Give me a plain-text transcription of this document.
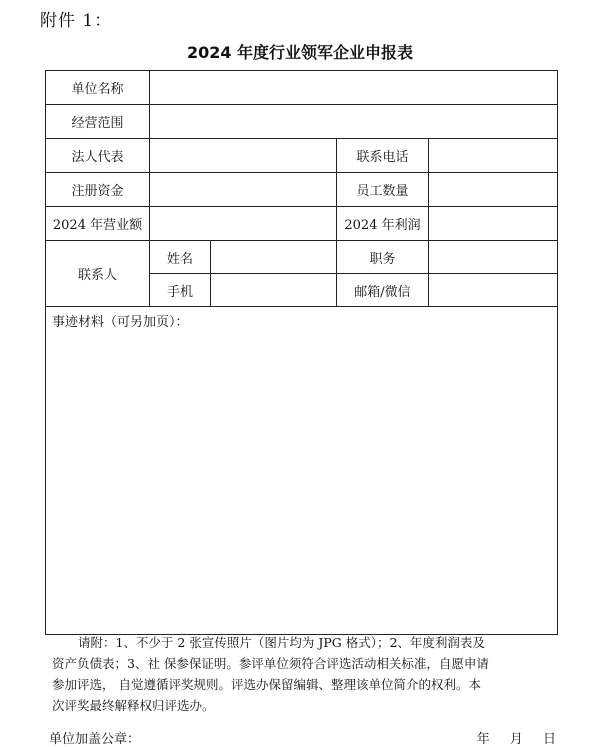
附件 1：
2024 年度行业领军企业申报表
单位名称				
经营范围				
法人代表			联系电话	
注册资金			员工数量	
2024 年营业额			2024 年利润	
联系人	姓名		职务	
	手机		邮箱/微信	
事迹材料（可另加页）：				

请附：1、不少于 2 张宣传照片（图片均为 JPG 格式）；2、年度利润表及

资产负债表；3、社 保参保证明。参评单位须符合评选活动相关标准，自愿申请

参加评选， 自觉遵循评奖规则。评选办保留编辑、整理该单位简介的权利。本

次评奖最终解释权归评选办。

单位加盖公章：	年 月 日
